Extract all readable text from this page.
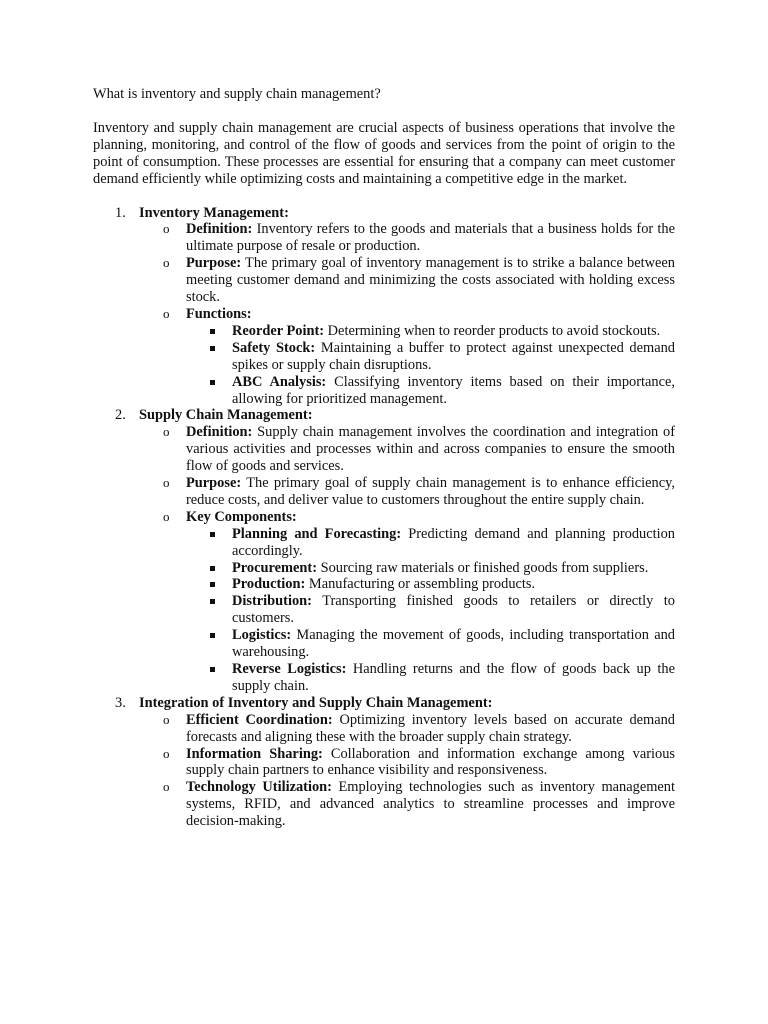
What is inventory and supply chain management?

Inventory and supply chain management are crucial aspects of business operations that involve the planning, monitoring, and control of the flow of goods and services from the point of origin to the point of consumption. These processes are essential for ensuring that a company can meet customer demand efficiently while optimizing costs and maintaining a competitive edge in the market.

1. Inventory Management:
o Definition: Inventory refers to the goods and materials that a business holds for the ultimate purpose of resale or production.
o Purpose: The primary goal of inventory management is to strike a balance between meeting customer demand and minimizing the costs associated with holding excess stock.
o Functions:
Reorder Point: Determining when to reorder products to avoid stockouts.
Safety Stock: Maintaining a buffer to protect against unexpected demand spikes or supply chain disruptions.
ABC Analysis: Classifying inventory items based on their importance, allowing for prioritized management.
2. Supply Chain Management:
o Definition: Supply chain management involves the coordination and integration of various activities and processes within and across companies to ensure the smooth flow of goods and services.
o Purpose: The primary goal of supply chain management is to enhance efficiency, reduce costs, and deliver value to customers throughout the entire supply chain.
o Key Components:
Planning and Forecasting: Predicting demand and planning production accordingly.
Procurement: Sourcing raw materials or finished goods from suppliers.
Production: Manufacturing or assembling products.
Distribution: Transporting finished goods to retailers or directly to customers.
Logistics: Managing the movement of goods, including transportation and warehousing.
Reverse Logistics: Handling returns and the flow of goods back up the supply chain.
3. Integration of Inventory and Supply Chain Management:
o Efficient Coordination: Optimizing inventory levels based on accurate demand forecasts and aligning these with the broader supply chain strategy.
o Information Sharing: Collaboration and information exchange among various supply chain partners to enhance visibility and responsiveness.
o Technology Utilization: Employing technologies such as inventory management systems, RFID, and advanced analytics to streamline processes and improve decision-making.
